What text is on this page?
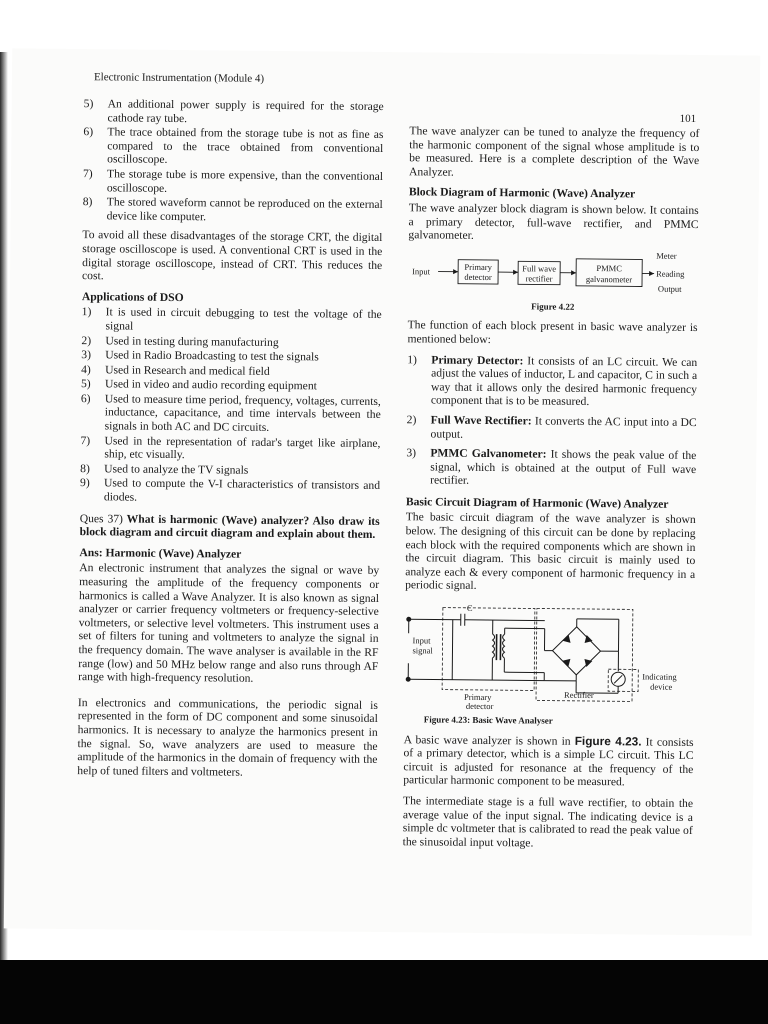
Electronic Instrumentation (Module 4)
101
5)	An additional power supply is required for the storage cathode ray tube.
6)	The trace obtained from the storage tube is not as fine as compared to the trace obtained from conventional oscilloscope.
7)	The storage tube is more expensive, than the conventional oscilloscope.
8)	The stored waveform cannot be reproduced on the external device like computer.

To avoid all these disadvantages of the storage CRT, the digital storage oscilloscope is used. A conventional CRT is used in the digital storage oscilloscope, instead of CRT. This reduces the cost.

Applications of DSO
1)	It is used in circuit debugging to test the voltage of the signal
2)	Used in testing during manufacturing
3)	Used in Radio Broadcasting to test the signals
4)	Used in Research and medical field
5)	Used in video and audio recording equipment
6)	Used to measure time period, frequency, voltages, currents, inductance, capacitance, and time intervals between the signals in both AC and DC circuits.
7)	Used in the representation of radar's target like airplane, ship, etc visually.
8)	Used to analyze the TV signals
9)	Used to compute the V-I characteristics of transistors and diodes.
Ques 37) What is harmonic (Wave) analyzer? Also draw its block diagram and circuit diagram and explain about them.
Ans: Harmonic (Wave) Analyzer

An electronic instrument that analyzes the signal or wave by measuring the amplitude of the frequency components or harmonics is called a Wave Analyzer. It is also known as signal analyzer or carrier frequency voltmeters or frequency-selective voltmeters, or selective level voltmeters. This instrument uses a set of filters for tuning and voltmeters to analyze the signal in the frequency domain. The wave analyser is available in the RF range (low) and 50 MHz below range and also runs through AF range with high-frequency resolution.

In electronics and communications, the periodic signal is represented in the form of DC component and some sinusoidal harmonics. It is necessary to analyze the harmonics present in the signal. So, wave analyzers are used to measure the amplitude of the harmonics in the domain of frequency with the help of tuned filters and voltmeters.

The wave analyzer can be tuned to analyze the frequency of the harmonic component of the signal whose amplitude is to be measured. Here is a complete description of the Wave Analyzer.

Block Diagram of Harmonic (Wave) Analyzer

The wave analyzer block diagram is shown below. It contains a primary detector, full-wave rectifier, and PMMC galvanometer.

Input	Primary
detector
Full wave
rectifier
PMMC
galvanometer
Meter
Reading
Output
Figure 4.22

The function of each block present in basic wave analyzer is mentioned below:

1)	Primary Detector: It consists of an LC circuit. We can adjust the values of inductor, L and capacitor, C in such a way that it allows only the desired harmonic frequency component that is to be measured.
2)	Full Wave Rectifier: It converts the AC input into a DC output.
3)	PMMC Galvanometer: It shows the peak value of the signal, which is obtained at the output of Full wave rectifier.
Basic Circuit Diagram of Harmonic (Wave) Analyzer

The basic circuit diagram of the wave analyzer is shown below. The designing of this circuit can be done by replacing each block with the required components which are shown in the circuit diagram. This basic circuit is mainly used to analyze each & every component of harmonic frequency in a periodic signal.

C
Input
signal
Primary
detector
Rectifier
Indicating
device
Figure 4.23: Basic Wave Analyser

A basic wave analyzer is shown in Figure 4.23. It consists of a primary detector, which is a simple LC circuit. This LC circuit is adjusted for resonance at the frequency of the particular harmonic component to be measured.

The intermediate stage is a full wave rectifier, to obtain the average value of the input signal. The indicating device is a simple dc voltmeter that is calibrated to read the peak value of the sinusoidal input voltage.
